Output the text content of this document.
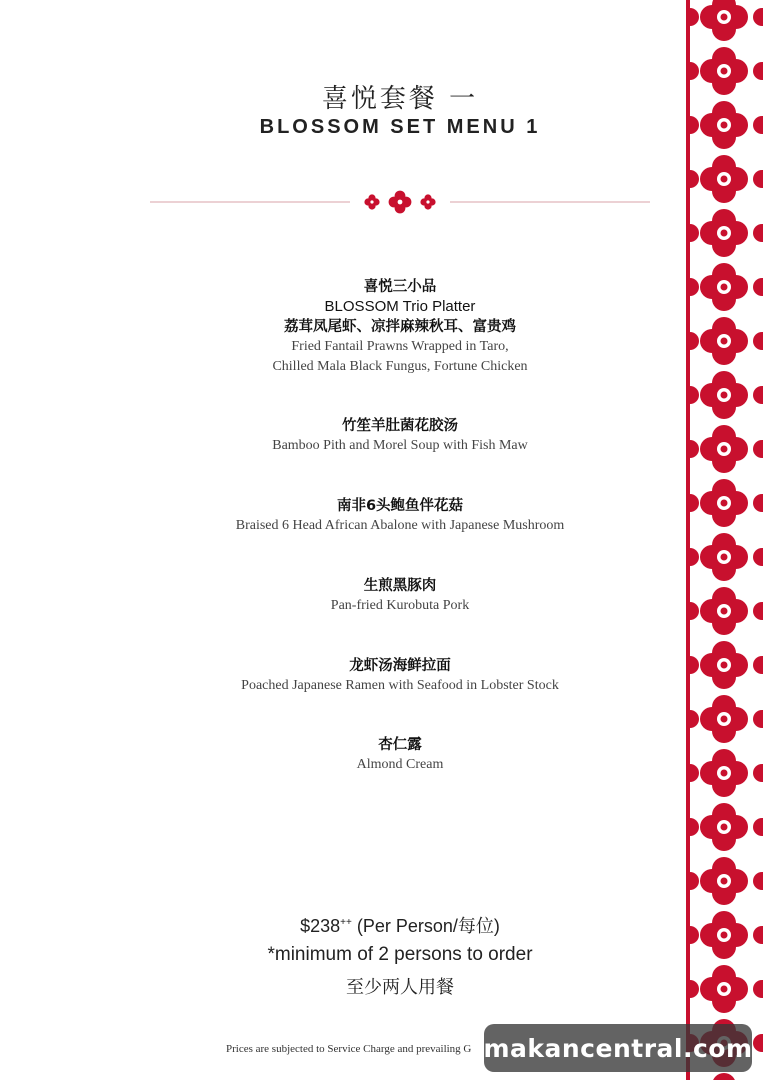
喜悦套餐 一
BLOSSOM SET MENU 1
喜悦三小品
BLOSSOM Trio Platter
荔茸凤尾虾、凉拌麻辣秋耳、富贵鸡
Fried Fantail Prawns Wrapped in Taro,
Chilled Mala Black Fungus, Fortune Chicken
竹笙羊肚菌花胶汤
Bamboo Pith and Morel Soup with Fish Maw
南非6头鲍鱼伴花菇
Braised 6 Head African Abalone with Japanese Mushroom
生煎黑豚肉
Pan-fried Kurobuta Pork
龙虾汤海鲜拉面
Poached Japanese Ramen with Seafood in Lobster Stock
杏仁露
Almond Cream
$238++ (Per Person/每位)
*minimum of 2 persons to order
至少两人用餐
Prices are subjected to Service Charge and prevailing G makancentral.com
